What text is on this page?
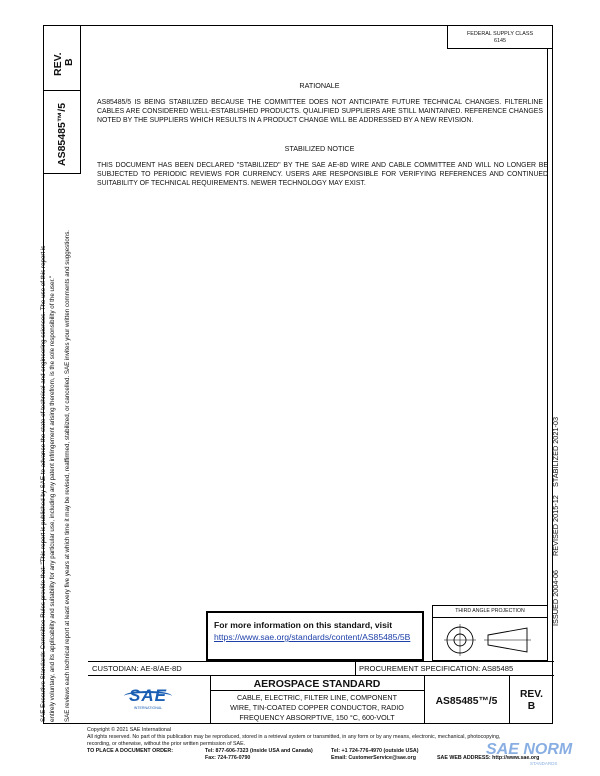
SAE Executive Standards Committee Rules provide that: "This report is published by SAE to advance the state of technical and engineering sciences. The use of this report is entirely voluntary, and its applicability and suitability for any particular use, including any patent infringement arising therefrom, is the sole responsibility of the user." SAE reviews each technical report at least every five years at which time it may be revised, reaffirmed, stabilized, or cancelled. SAE invites your written comments and suggestions.
REV. B
AS85485™/5
FEDERAL SUPPLY CLASS
6145
RATIONALE
AS85485/5 IS BEING STABILIZED BECAUSE THE COMMITTEE DOES NOT ANTICIPATE FUTURE TECHNICAL CHANGES. FILTERLINE CABLES ARE CONSIDERED WELL-ESTABLISHED PRODUCTS. QUALIFIED SUPPLIERS ARE STILL MAINTAINED. REFERENCE CHANGES NOTED BY THE SUPPLIERS WHICH RESULTS IN A PRODUCT CHANGE WILL BE ADDRESSED BY A NEW REVISION.
STABILIZED NOTICE
THIS DOCUMENT HAS BEEN DECLARED "STABILIZED" BY THE SAE AE-8D WIRE AND CABLE COMMITTEE AND WILL NO LONGER BE SUBJECTED TO PERIODIC REVIEWS FOR CURRENCY. USERS ARE RESPONSIBLE FOR VERIFYING REFERENCES AND CONTINUED SUITABILITY OF TECHNICAL REQUIREMENTS. NEWER TECHNOLOGY MAY EXIST.
ISSUED 2004-06
REVISED 2015-12
STABILIZED 2021-03
For more information on this standard, visit
https://www.sae.org/standards/content/AS85485/5B
THIRD ANGLE PROJECTION
CUSTODIAN: AE-8/AE-8D	PROCUREMENT SPECIFICATION: AS85485
SAE
INTERNATIONAL
AEROSPACE STANDARD
CABLE, ELECTRIC, FILTER LINE, COMPONENT
WIRE, TIN-COATED COPPER CONDUCTOR, RADIO
FREQUENCY ABSORPTIVE, 150 °C, 600-VOLT
AS85485™/5
REV.
B
Copyright © 2021 SAE International
All rights reserved. No part of this publication may be reproduced, stored in a retrieval system or transmitted, in any form or by any means, electronic, mechanical, photocopying,
recording, or otherwise, without the prior written permission of SAE.
TO PLACE A DOCUMENT ORDER:	Tel: 877-606-7323 (inside USA and Canada)	Tel: +1 724-776-4970 (outside USA)
Fax: 724-776-0790	Email: CustomerService@sae.org	SAE WEB ADDRESS: http://www.sae.org
SAE NORM
STANDARDS
